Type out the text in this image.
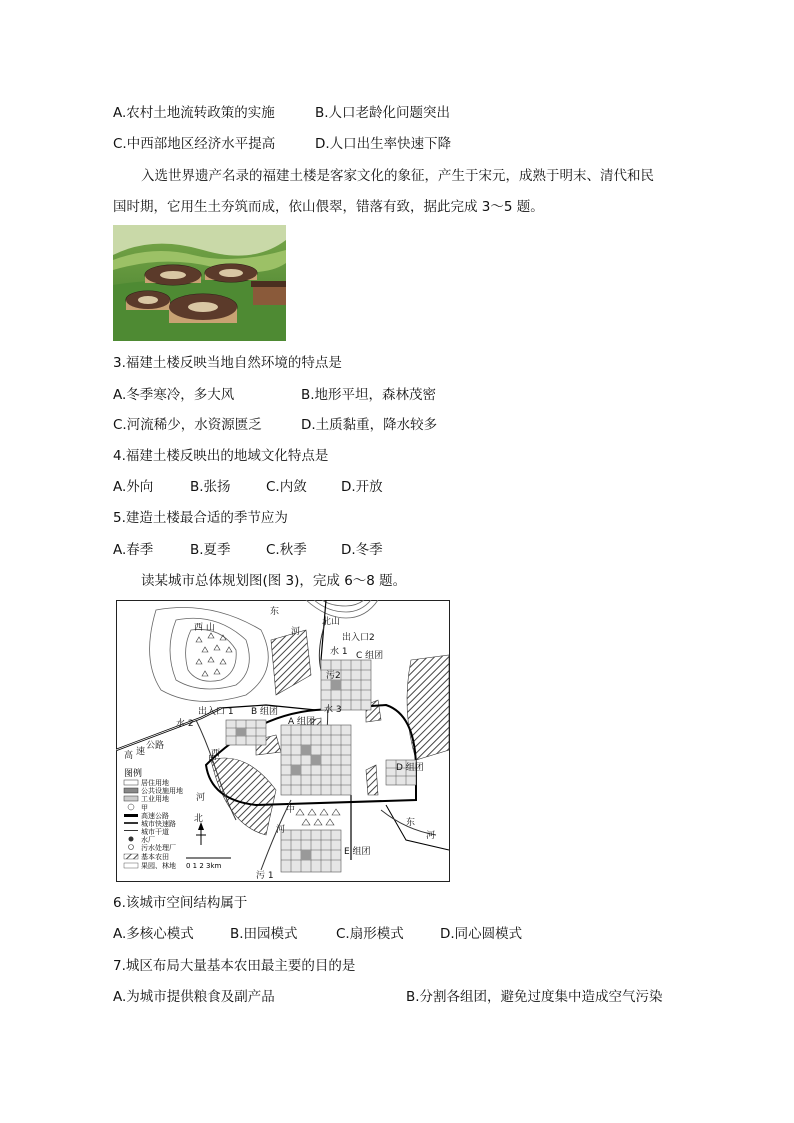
A.农村土地流转政策的实施	B.人口老龄化问题突出
C.中西部地区经济水平提高	D.人口出生率快速下降
入选世界遗产名录的福建土楼是客家文化的象征，产生于宋元，成熟于明末、清代和民
国时期，它用生土夯筑而成，依山偎翠，错落有致，据此完成 3～5 题。
3.福建土楼反映当地自然环境的特点是
A.冬季寒冷，多大风	B.地形平坦，森林茂密
C.河流稀少，水资源匮乏	D.土质黏重，降水较多
4.福建土楼反映出的地域文化特点是
A.外向	B.张扬	C.内敛	D.开放
5.建造土楼最合适的季节应为
A.春季	B.夏季	C.秋季	D.冬季
读某城市总体规划图(图 3)，完成 6～8 题。
西 山
北山
东
河
出入口2
水 1 C 组团
污2
水 3
出入口 1 B 组团
A 组团
水 2
高 速
公路
西
河
甲
D 组团
东
河
中
河
E 组团
污 1
图例
居住用地
公共设施用地
工业用地
甲
高速公路
城市快速路
城市干道
水厂
污水处理厂
基本农田
果园、林地
北
0 1 2 3km
6.该城市空间结构属于
A.多核心模式	B.田园模式	C.扇形模式	D.同心圆模式
7.城区布局大量基本农田最主要的目的是
A.为城市提供粮食及副产品	B.分割各组团，避免过度集中造成空气污染
